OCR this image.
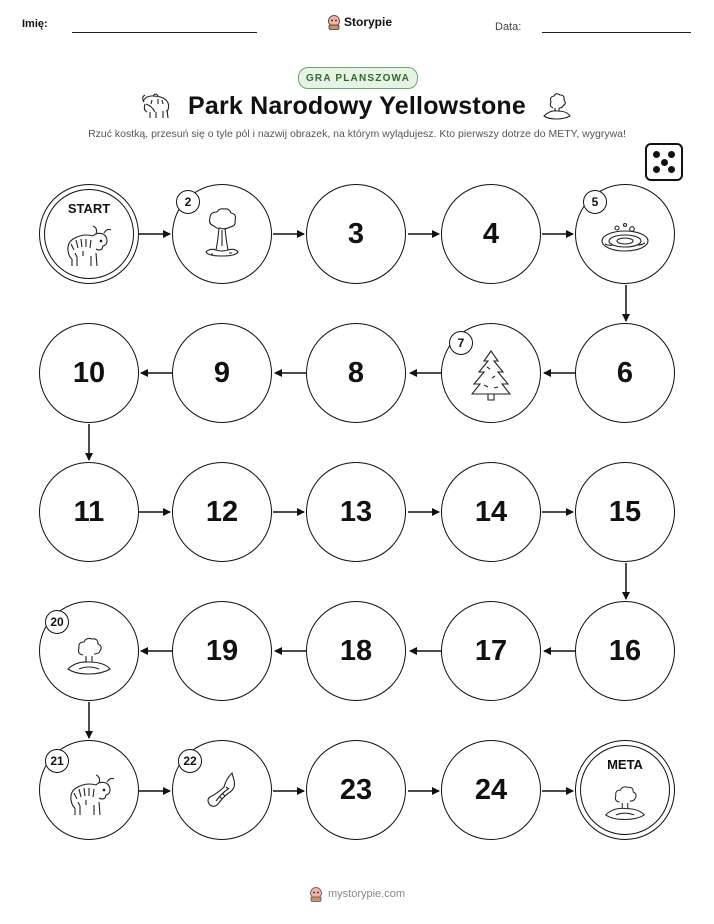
Imię:	Storypie	Data:
GRA PLANSZOWA
Park Narodowy Yellowstone
Rzuć kostką, przesuń się o tyle pól i nazwij obrazek, na którym wylądujesz. Kto pierwszy dotrze do METY, wygrywa!
START	2
3	4
5
10	9	8
7
6
11	12	13	14	15
20
19	18	17	16
21	22
23	24
META
mystorypie.com
